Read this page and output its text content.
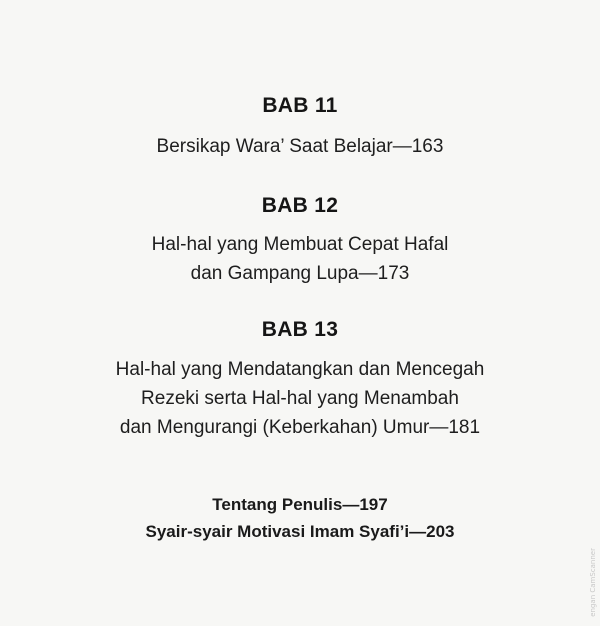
BAB 11
Bersikap Wara’ Saat Belajar—163
BAB 12
Hal-hal yang Membuat Cepat Hafal
dan Gampang Lupa—173
BAB 13
Hal-hal yang Mendatangkan dan Mencegah
Rezeki serta Hal-hal yang Menambah
dan Mengurangi (Keberkahan) Umur—181
Tentang Penulis—197
Syair-syair Motivasi Imam Syafi’i—203
engan CamScanner
